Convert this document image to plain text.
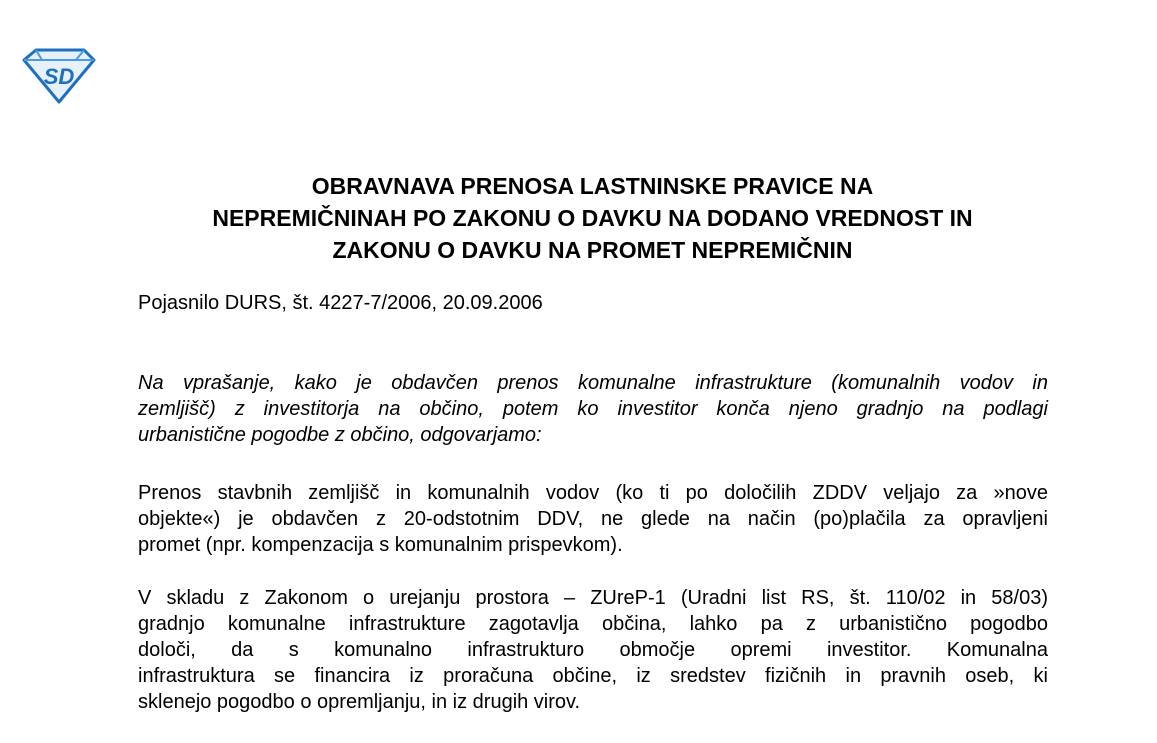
SD
OBRAVNAVA PRENOSA LASTNINSKE PRAVICE NA
NEPREMIČNINAH PO ZAKONU O DAVKU NA DODANO VREDNOST IN
ZAKONU O DAVKU NA PROMET NEPREMIČNIN

Pojasnilo DURS, št. 4227-7/2006, 20.09.2006

Na vprašanje, kako je obdavčen prenos komunalne infrastrukture (komunalnih vodov in
zemljišč) z investitorja na občino, potem ko investitor konča njeno gradnjo na podlagi
urbanistične pogodbe z občino, odgovarjamo:

Prenos stavbnih zemljišč in komunalnih vodov (ko ti po določilih ZDDV veljajo za »nove
objekte«) je obdavčen z 20-odstotnim DDV, ne glede na način (po)plačila za opravljeni
promet (npr. kompenzacija s komunalnim prispevkom).

V skladu z Zakonom o urejanju prostora – ZUreP-1 (Uradni list RS, št. 110/02 in 58/03)
gradnjo komunalne infrastrukture zagotavlja občina, lahko pa z urbanistično pogodbo
določi, da s komunalno infrastrukturo območje opremi investitor. Komunalna
infrastruktura se financira iz proračuna občine, iz sredstev fizičnih in pravnih oseb, ki
sklenejo pogodbo o opremljanju, in iz drugih virov.
